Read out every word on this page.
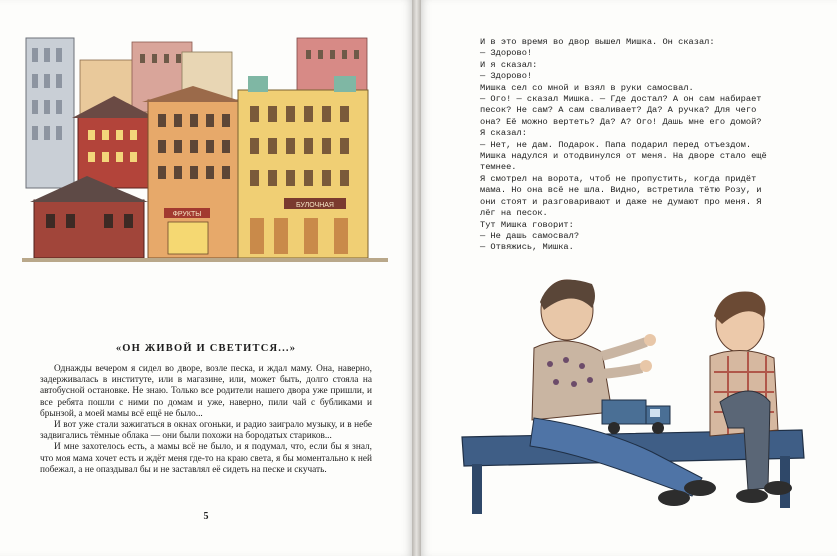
ФРУКТЫ
БУЛОЧНАЯ
«ОН ЖИВОЙ И СВЕТИТСЯ...»

Однажды вечером я сидел во дворе, возле песка, и ждал маму. Она, наверно, задерживалась в институте, или в магазине, или, может быть, долго стояла на автобусной остановке. Не знаю. Только все родители нашего двора уже пришли, и все ребята пошли с ними по домам и уже, наверно, пили чай с бубликами и брынзой, а моей мамы всё ещё не было...

И вот уже стали зажигаться в окнах огоньки, и радио заиграло музыку, и в небе задвигались тёмные облака — они были похожи на бородатых стариков...

И мне захотелось есть, а мамы всё не было, и я подумал, что, если бы я знал, что моя мама хочет есть и ждёт меня где-то на краю света, я бы моментально к ней побежал, а не опаздывал бы и не заставлял её сидеть на песке и скучать.

5

И в это время во двор вышел Мишка. Он сказал:

— Здорово!

И я сказал:

— Здорово!

Мишка сел со мной и взял в руки самосвал.

— Ого! — сказал Мишка. — Где достал? А он сам набирает песок? Не сам? А сам сваливает? Да? А ручка? Для чего она? Её можно вертеть? Да? А? Ого! Дашь мне его домой?

Я сказал:

— Нет, не дам. Подарок. Папа подарил перед отъездом.

Мишка надулся и отодвинулся от меня. На дворе стало ещё темнее.

Я смотрел на ворота, чтоб не пропустить, когда придёт мама. Но она всё не шла. Видно, встретила тётю Розу, и они стоят и разговаривают и даже не думают про меня. Я лёг на песок.

Тут Мишка говорит:

— Не дашь самосвал?

— Отвяжись, Мишка.
